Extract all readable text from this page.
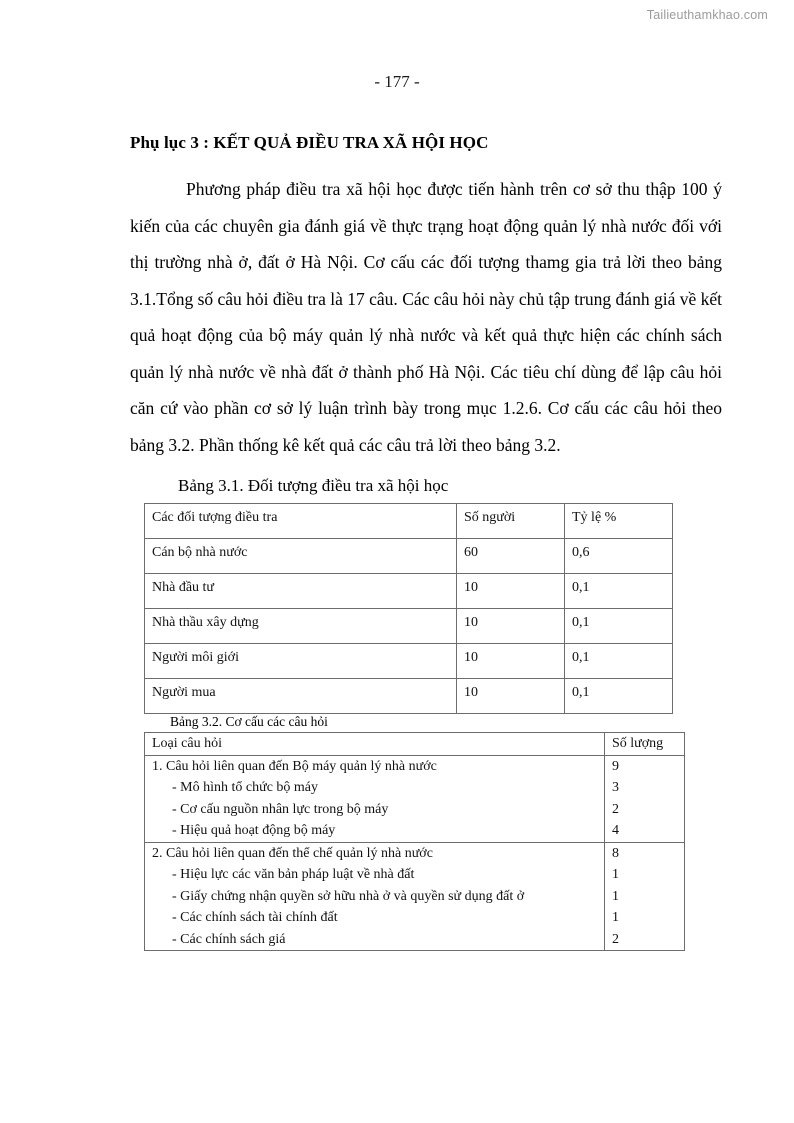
Tailieuthamkhao.com
- 177 -
Phụ lục 3 : KẾT QUẢ ĐIỀU TRA XÃ HỘI HỌC

Phương pháp điều tra xã hội học được tiến hành trên cơ sở thu thập 100 ý kiến của các chuyên gia đánh giá về thực trạng hoạt động quản lý nhà nước đối với thị trường nhà ở, đất ở Hà Nội. Cơ cấu các đối tượng thamg gia trả lời theo bảng 3.1.Tổng số câu hỏi điều tra là 17 câu. Các câu hỏi này chủ tập trung đánh giá về kết quả hoạt động của bộ máy quản lý nhà nước và kết quả thực hiện các chính sách quản lý nhà nước về nhà đất ở thành phố Hà Nội. Các tiêu chí dùng để lập câu hỏi căn cứ vào phần cơ sở lý luận trình bày trong mục 1.2.6. Cơ cấu các câu hỏi theo bảng 3.2. Phần thống kê kết quả các câu trả lời theo bảng 3.2.

Bảng 3.1. Đối tượng điều tra xã hội học
Các đối tượng điều tra	Số người	Tỷ lệ %
Cán bộ nhà nước	60	0,6
Nhà đầu tư	10	0,1
Nhà thầu xây dựng	10	0,1
Người môi giới	10	0,1
Người mua	10	0,1
Bảng 3.2. Cơ cấu các câu hỏi
Loại câu hỏi	Số lượng
1. Câu hỏi liên quan đến Bộ máy quản lý nhà nước	9
- Mô hình tổ chức bộ máy	3
- Cơ cấu nguồn nhân lực trong bộ máy	2
- Hiệu quả hoạt động bộ máy	4
2. Câu hỏi liên quan đến thể chế quản lý nhà nước	8
- Hiệu lực các văn bản pháp luật về nhà đất	1
- Giấy chứng nhận quyền sở hữu nhà ở và quyền sử dụng đất ở	1
- Các chính sách tài chính đất	1
- Các chính sách giá	2
